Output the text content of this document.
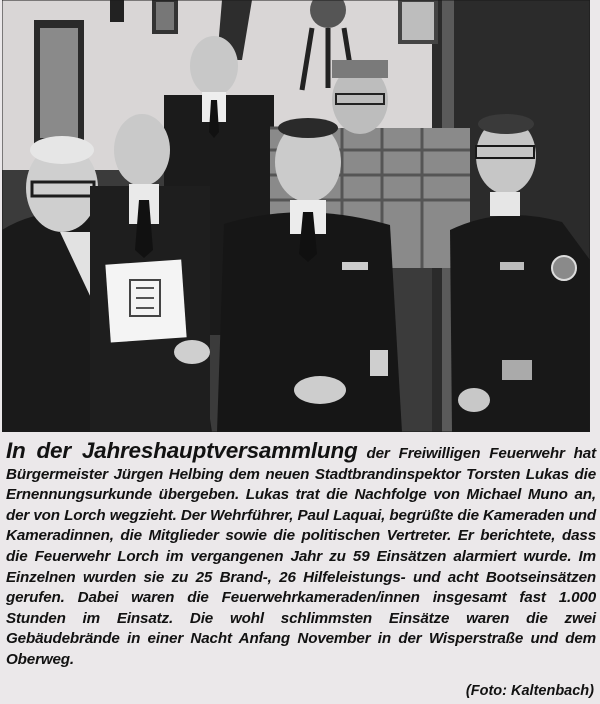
In der Jahreshauptversammlung der Freiwilligen Feuerwehr hat Bürgermeister Jürgen Helbing dem neuen Stadtbrandinspektor Torsten Lukas die Ernennungsurkunde übergeben. Lukas trat die Nachfolge von Michael Muno an, der von Lorch wegzieht. Der Wehrführer, Paul Laquai, begrüßte die Kameraden und Kameradinnen, die Mitglieder sowie die politischen Vertreter. Er berichtete, dass die Feuerwehr Lorch im vergangenen Jahr zu 59 Einsätzen alarmiert wurde. Im Einzelnen wurden sie zu 25 Brand-, 26 Hilfeleistungs- und acht Bootseinsätzen gerufen. Dabei waren die Feuerwehrkameraden/innen insgesamt fast 1.000 Stunden im Einsatz. Die wohl schlimmsten Einsätze waren die zwei Gebäudebrände in einer Nacht Anfang November in der Wisperstraße und dem Oberweg.
(Foto: Kaltenbach)
